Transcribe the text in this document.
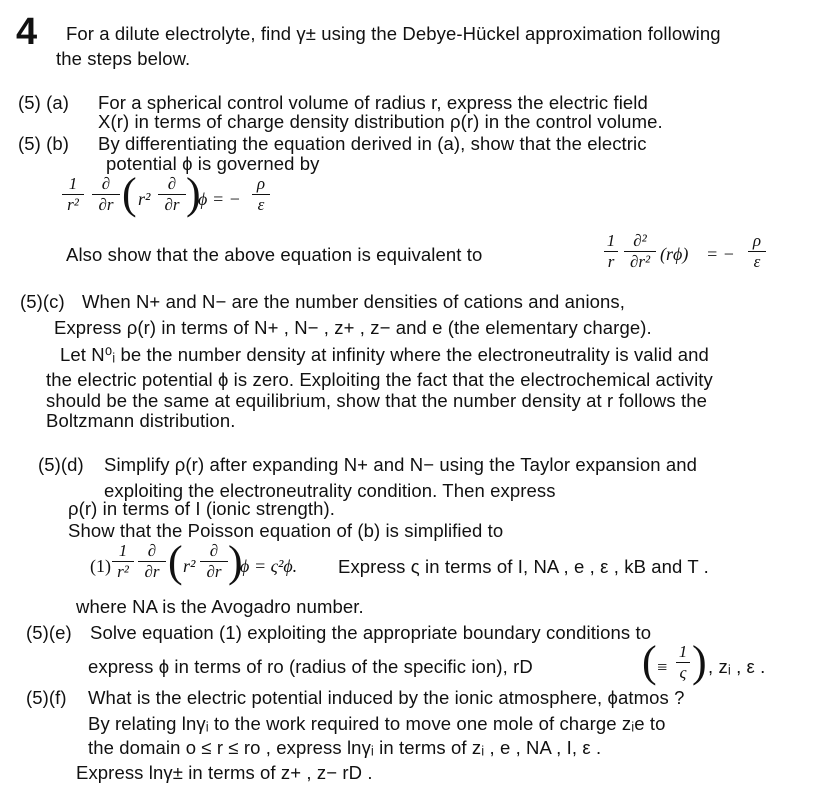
4 For a dilute electrolyte, find γ± using the Debye-Hückel approximation following
the steps below.
(5) (a) For a spherical control volume of radius r, express the electric field
X(r) in terms of charge density distribution ρ(r) in the control volume.
(5) (b) By differentiating the equation derived in (a), show that the electric
potential ϕ is governed by
1
r²
∂
∂r ( r²
∂
∂r )
ϕ = −
ρ
ε
Also show that the above equation is equivalent to
1
r
∂²
∂r² (rϕ) = −
ρ
ε
(5)(c) When N+ and N− are the number densities of cations and anions,
Express ρ(r) in terms of N+ , N− , z+ , z− and e (the elementary charge).
Let N⁰ᵢ be the number density at infinity where the electroneutrality is valid and
the electric potential ϕ is zero. Exploiting the fact that the electrochemical activity
should be the same at equilibrium, show that the number density at r follows the
Boltzmann distribution.
(5)(d) Simplify ρ(r) after expanding N+ and N− using the Taylor expansion and
exploiting the electroneutrality condition. Then express
ρ(r) in terms of I (ionic strength).
Show that the Poisson equation of (b) is simplified to
(1)
1
r²
∂
∂r ( r²
∂
∂r )
ϕ = ς²ϕ. Express ς in terms of I, NA , e , ε , kB and T .
where NA is the Avogadro number.
(5)(e) Solve equation (1) exploiting the appropriate boundary conditions to
express ϕ in terms of ro (radius of the specific ion), rD ( ≡
1
ς ) , zᵢ , ε .
(5)(f) What is the electric potential induced by the ionic atmosphere, ϕatmos ?
By relating lnγᵢ to the work required to move one mole of charge zᵢe to
the domain o ≤ r ≤ ro , express lnγᵢ in terms of zᵢ , e , NA , I, ε .
Express lnγ± in terms of z+ , z− rD .
